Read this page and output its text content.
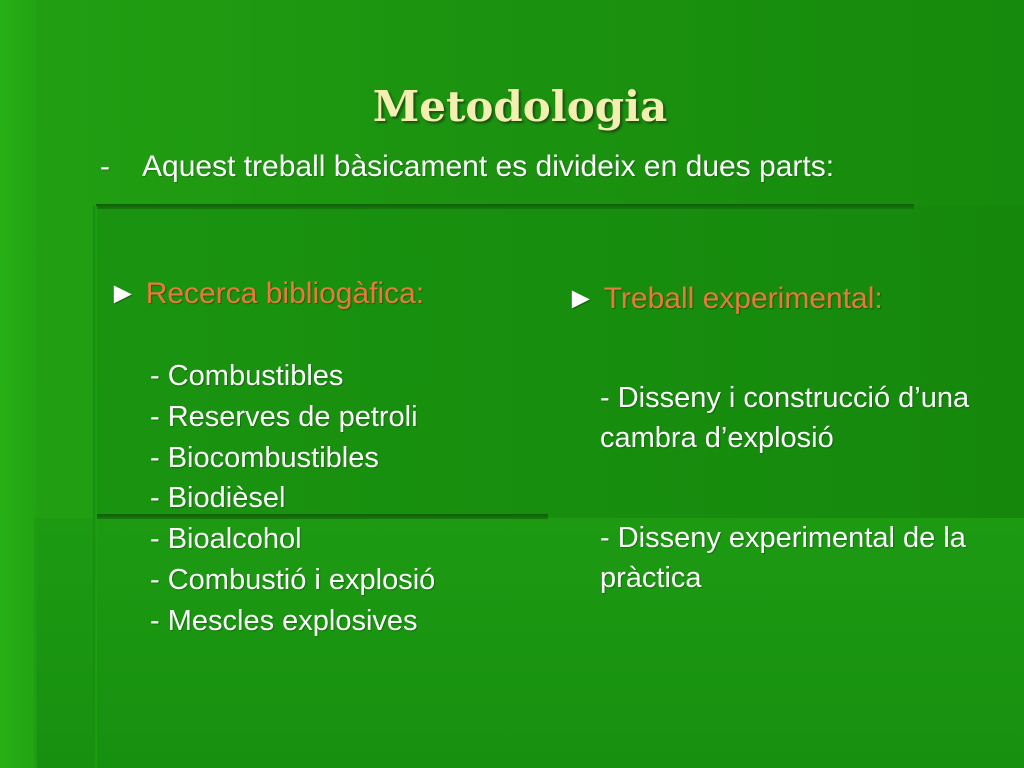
Metodologia

- Aquest treball bàsicament es divideix en dues parts:

► Recerca bibliogàfica:

- Combustibles
- Reserves de petroli
- Biocombustibles
- Biodièsel
- Bioalcohol
- Combustió i explosió
- Mescles explosives

► Treball experimental:

- Disseny i construcció d’una cambra d’explosió

- Disseny experimental de la pràctica
